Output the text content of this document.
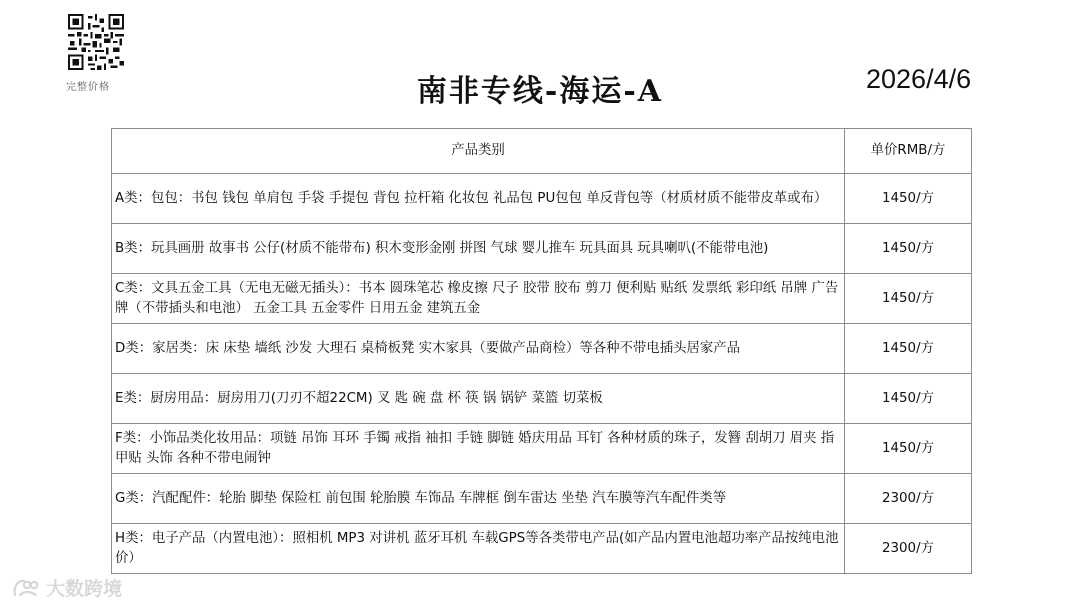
完整价格	南非专线-海运-A	2026/4/6
产品类别	单价RMB/方
A类：包包：书包 钱包 单肩包 手袋 手提包 背包 拉杆箱 化妆包 礼品包 PU包包 单反背包等（材质材质不能带皮革或布）	1450/方
B类：玩具画册 故事书 公仔(材质不能带布) 积木变形金刚 拼图 气球 婴儿推车 玩具面具 玩具喇叭(不能带电池)	1450/方
C类：文具五金工具（无电无磁无插头）：书本 圆珠笔芯 橡皮擦 尺子 胶带 胶布 剪刀 便利贴 贴纸 发票纸 彩印纸 吊牌 广告牌（不带插头和电池） 五金工具 五金零件 日用五金 建筑五金	1450/方
D类：家居类：床 床垫 墙纸 沙发 大理石 桌椅板凳 实木家具（要做产品商检）等各种不带电插头居家产品	1450/方
E类：厨房用品：厨房用刀(刀刃不超22CM) 叉 匙 碗 盘 杯 筷 锅 锅铲 菜篮 切菜板	1450/方
F类：小饰品类化妆用品：项链 吊饰 耳环 手镯 戒指 袖扣 手链 脚链 婚庆用品 耳钉 各种材质的珠子，发簪 刮胡刀 眉夹 指甲贴 头饰 各种不带电闹钟	1450/方
G类：汽配配件：轮胎 脚垫 保险杠 前包围 轮胎膜 车饰品 车牌框 倒车雷达 坐垫 汽车膜等汽车配件类等	2300/方
H类：电子产品（内置电池）：照相机 MP3 对讲机 蓝牙耳机 车载GPS等各类带电产品(如产品内置电池超功率产品按纯电池价）	2300/方
大数跨境
